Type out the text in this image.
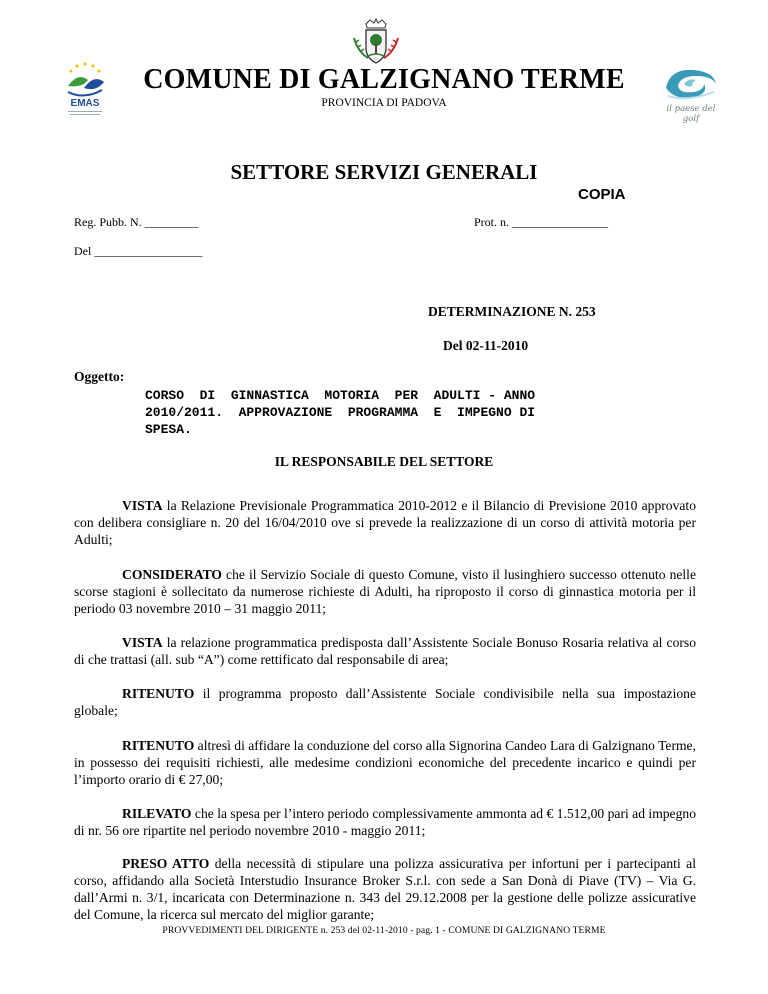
EMAS	il paese del golf
COMUNE DI GALZIGNANO TERME
PROVINCIA DI PADOVA
SETTORE SERVIZI GENERALI
COPIA
Reg. Pubb. N. _________	Prot. n. ________________
Del __________________
DETERMINAZIONE N. 253
Del 02-11-2010
Oggetto:

CORSO  DI  GINNASTICA  MOTORIA  PER  ADULTI - ANNO
2010/2011.  APPROVAZIONE  PROGRAMMA  E  IMPEGNO DI
SPESA.

IL RESPONSABILE DEL SETTORE

VISTA la Relazione Previsionale Programmatica 2010-2012 e il Bilancio di Previsione 2010 approvato con delibera consigliare n. 20 del 16/04/2010 ove si prevede la realizzazione di un corso di attività motoria per Adulti;

CONSIDERATO che il Servizio Sociale di questo Comune, visto il lusinghiero successo ottenuto nelle scorse stagioni è sollecitato da numerose richieste di Adulti, ha riproposto il corso di ginnastica motoria per il periodo 03 novembre 2010 – 31 maggio 2011;

VISTA la relazione programmatica predisposta dall’Assistente Sociale Bonuso Rosaria relativa al corso di che trattasi (all. sub “A”) come rettificato dal responsabile di area;

RITENUTO il programma proposto dall’Assistente Sociale condivisibile nella sua impostazione globale;

RITENUTO altresì di affidare la conduzione del corso alla Signorina Candeo Lara di Galzignano Terme, in possesso dei requisiti richiesti, alle medesime condizioni economiche del precedente incarico e quindi per l’importo orario di € 27,00;

RILEVATO che la spesa per l’intero periodo complessivamente ammonta ad € 1.512,00 pari ad impegno di nr. 56 ore ripartite nel periodo novembre 2010 - maggio 2011;

PRESO ATTO della necessità di stipulare una polizza assicurativa per infortuni per i partecipanti al corso, affidando alla Società Interstudio Insurance Broker S.r.l. con sede a San Donà di Piave (TV) – Via G. dall’Armi n. 3/1, incaricata con Determinazione n. 343 del 29.12.2008 per la gestione delle polizze assicurative del Comune, la ricerca sul mercato del miglior garante;

PROVVEDIMENTI DEL DIRIGENTE n. 253 del 02-11-2010 - pag. 1 - COMUNE DI GALZIGNANO TERME
